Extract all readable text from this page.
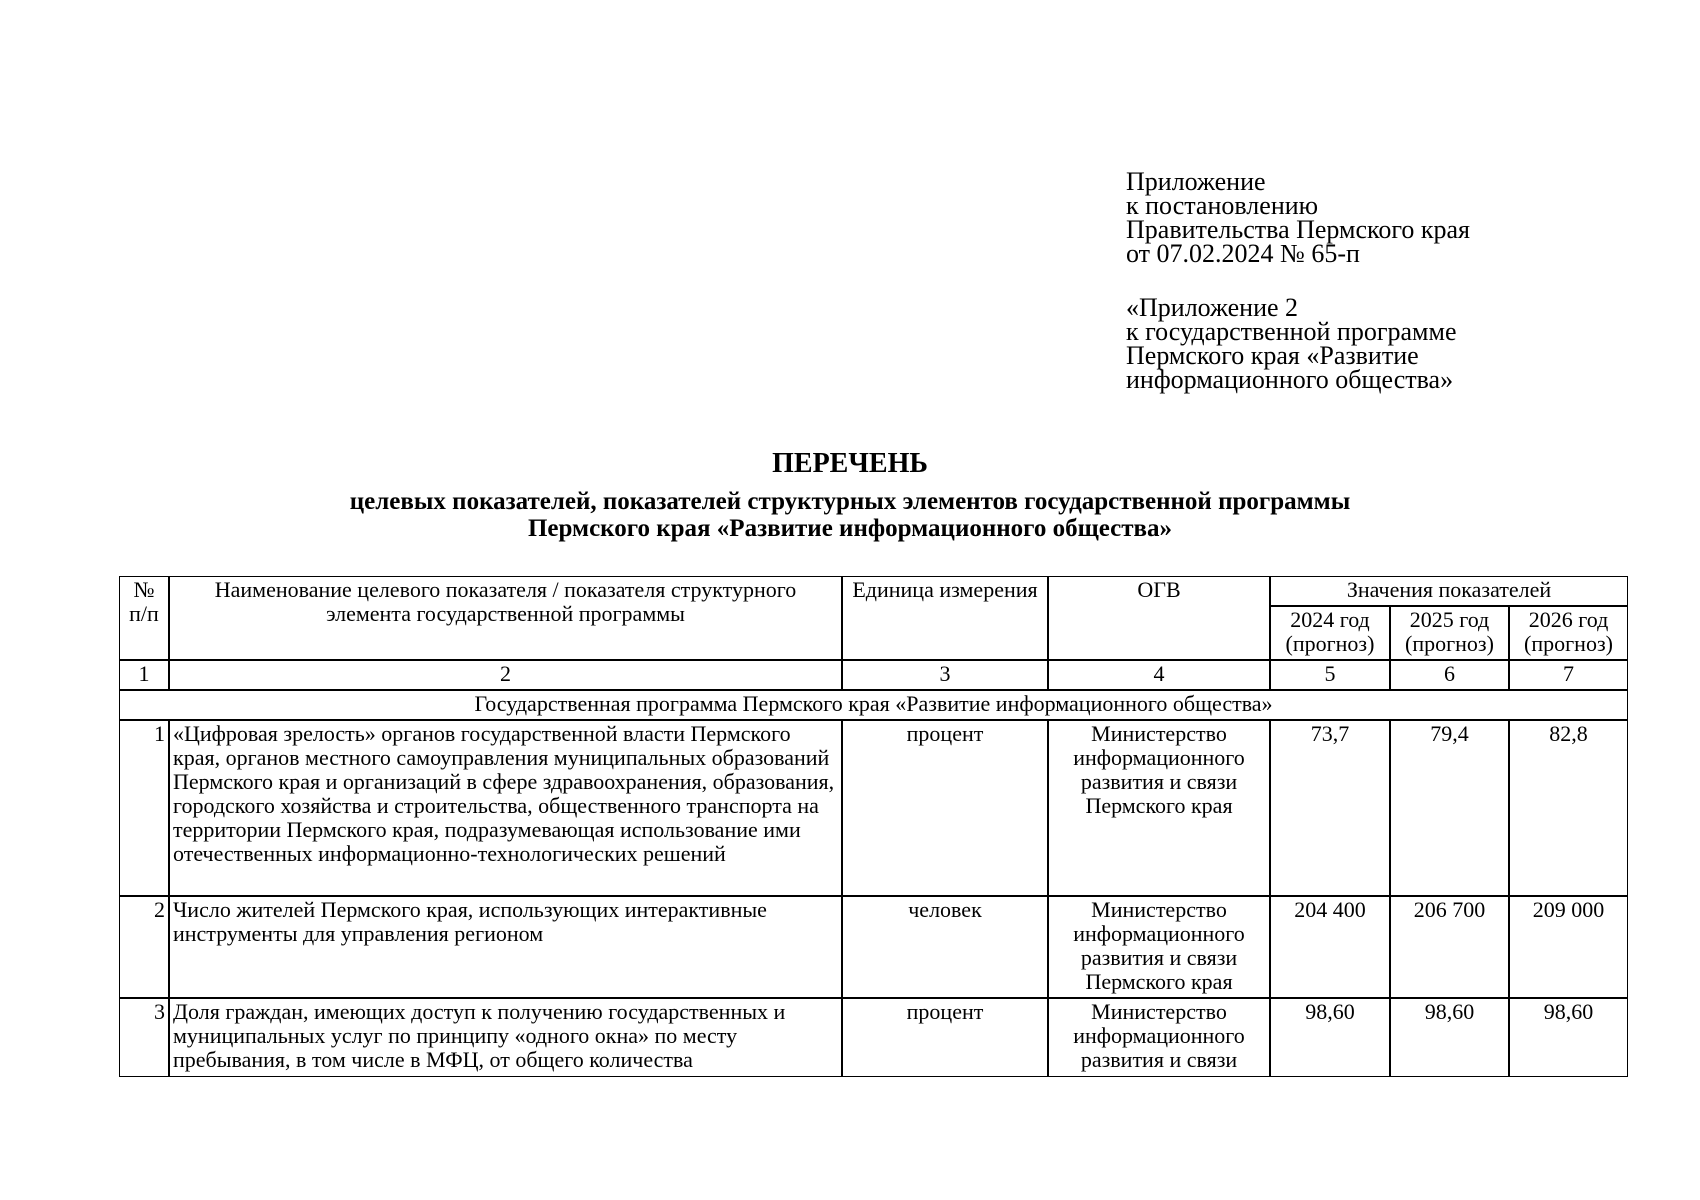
Приложение
к постановлению
Правительства Пермского края
от 07.02.2024 № 65-п
«Приложение 2
к государственной программе
Пермского края «Развитие
информационного общества»
ПЕРЕЧЕНЬ
целевых показателей, показателей структурных элементов государственной программы
Пермского края «Развитие информационного общества»
№ п/п	Наименование целевого показателя / показателя структурного элемента государственной программы	Единица измерения	ОГВ	Значения показателей		
				2024 год (прогноз)	2025 год (прогноз)	2026 год (прогноз)
1	2	3	4	5	6	7
Государственная программа Пермского края «Развитие информационного общества»						
1	«Цифровая зрелость» органов государственной власти Пермского края, органов местного самоуправления муниципальных образований Пермского края и организаций в сфере здравоохранения, образования, городского хозяйства и строительства, общественного транспорта на территории Пермского края, подразумевающая использование ими отечественных информационно-технологических решений	процент	Министерство информационного развития и связи Пермского края	73,7	79,4	82,8
2	Число жителей Пермского края, использующих интерактивные инструменты для управления регионом	человек	Министерство информационного развития и связи Пермского края	204 400	206 700	209 000
3	Доля граждан, имеющих доступ к получению государственных и муниципальных услуг по принципу «одного окна» по месту пребывания, в том числе в МФЦ, от общего количества	процент	Министерство информационного развития и связи	98,60	98,60	98,60
